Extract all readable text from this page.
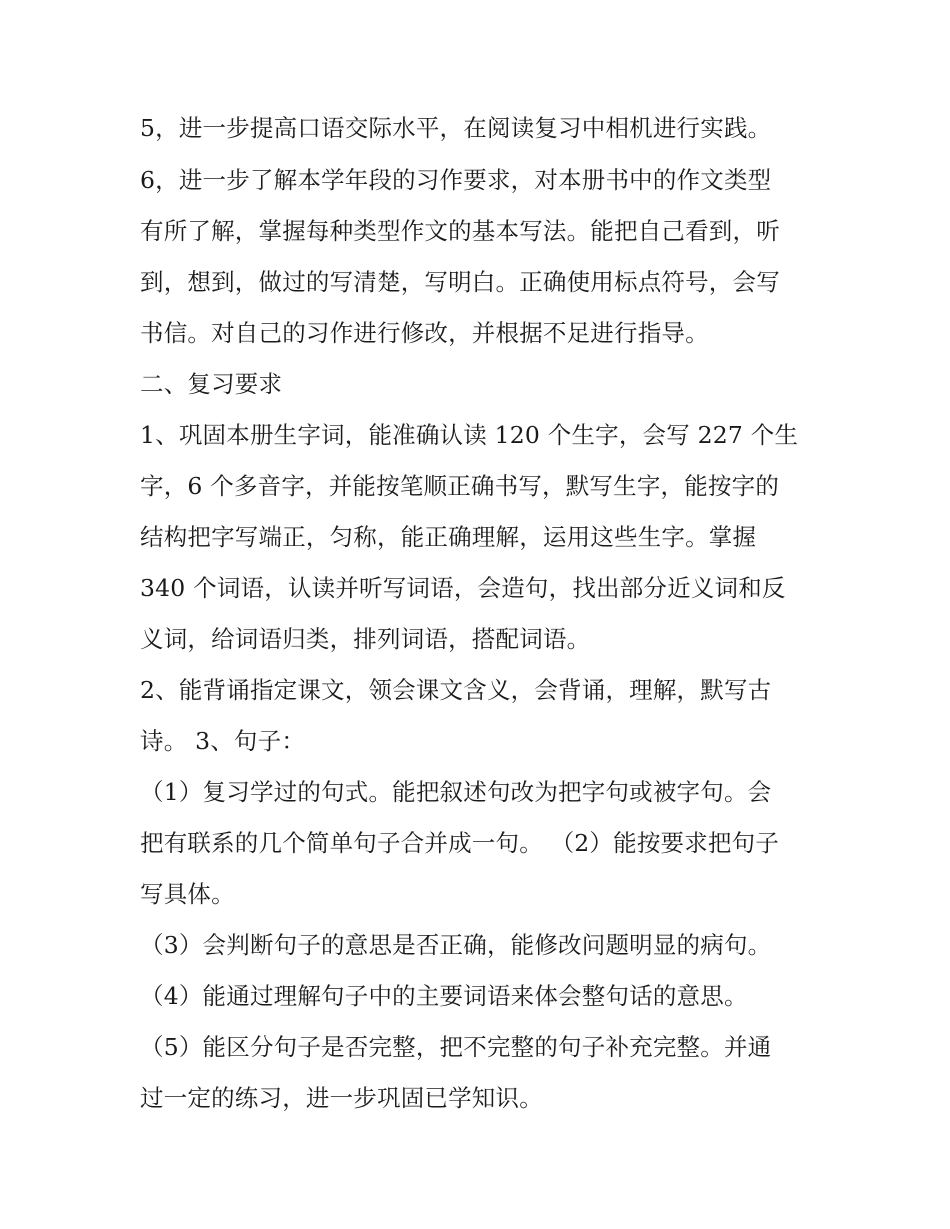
5，进一步提高口语交际水平，在阅读复习中相机进行实践。
6，进一步了解本学年段的习作要求，对本册书中的作文类型
有所了解，掌握每种类型作文的基本写法。能把自己看到，听
到，想到，做过的写清楚，写明白。正确使用标点符号，会写
书信。对自己的习作进行修改，并根据不足进行指导。
二、复习要求
1、巩固本册生字词，能准确认读 120 个生字，会写 227 个生
字，6 个多音字，并能按笔顺正确书写，默写生字，能按字的
结构把字写端正，匀称，能正确理解，运用这些生字。掌握
340 个词语，认读并听写词语，会造句，找出部分近义词和反
义词，给词语归类，排列词语，搭配词语。
2、能背诵指定课文，领会课文含义，会背诵，理解，默写古
诗。 3、句子：
（1）复习学过的句式。能把叙述句改为把字句或被字句。会
把有联系的几个简单句子合并成一句。 （2）能按要求把句子
写具体。
（3）会判断句子的意思是否正确，能修改问题明显的病句。
（4）能通过理解句子中的主要词语来体会整句话的意思。
（5）能区分句子是否完整，把不完整的句子补充完整。并通
过一定的练习，进一步巩固已学知识。
